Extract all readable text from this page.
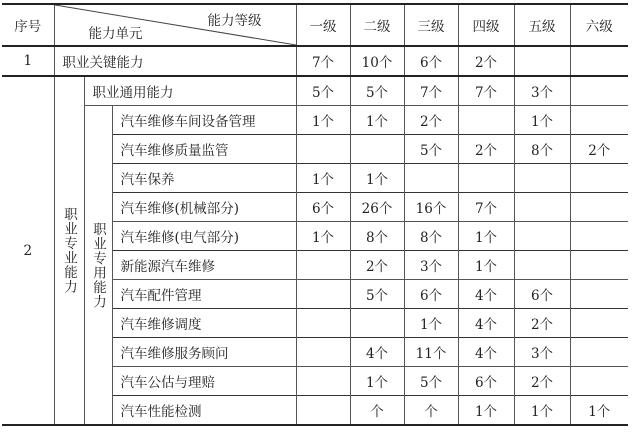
序号	能力等级
能力单元			一级	二级	三级	四级	五级	六级
1	职业关键能力			7个	10个	6个	2个		
2	职业专业能力	职业通用能力		5个	5个	7个	7个	3个	

		职业专用能力	汽车维修车间设备管理	1个	1个	2个		1个	
			汽车维修质量监管			5个	2个	8个	2个
			汽车保养	1个	1个				
			汽车维修(机械部分)	6个	26个	16个	7个		
			汽车维修(电气部分)	1个	8个	8个	1个		
			新能源汽车维修		2个	3个	1个		
			汽车配件管理		5个	6个	4个	6个	
			汽车维修调度			1个	4个	2个	
			汽车维修服务顾问		4个	11个	4个	3个	
			汽车公估与理赔		1个	5个	6个	2个	
			汽车性能检测		个	个	1个	1个	1个
